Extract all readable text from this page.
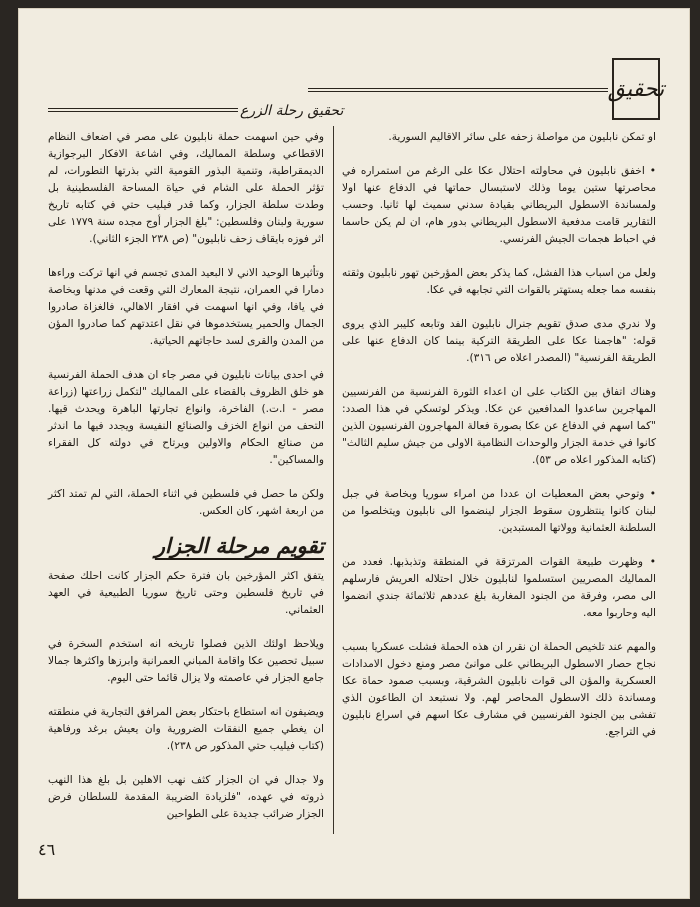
تحقيق
تحقيق رحلة الزرع

او تمكن نابليون من مواصلة زحفه على سائر الاقاليم السورية.

• اخفق نابليون في محاولته احتلال عكا على الرغم من استمراره في محاصرتها ستين يوما وذلك لاستبسال حماتها في الدفاع عنها اولا ولمساندة الاسطول البريطاني بقيادة سدني سميث لها ثانيا. وحسب التقارير قامت مدفعية الاسطول البريطاني بدور هام، ان لم يكن حاسما في احباط هجمات الجيش الفرنسي.

ولعل من اسباب هذا الفشل، كما يذكر بعض المؤرخين تهور نابليون وثقته بنفسه مما جعله يستهتر بالقوات التي تجابهه في عكا.

ولا ندري مدى صدق تقويم جنرال نابليون الفد وتابعه كليبر الذي يروى قوله: "هاجمنا عكا على الطريقة التركية بينما كان الدفاع عنها على الطريقة الفرنسية" (المصدر اعلاه ص ٣١٦).

وهناك اتفاق بين الكتاب على ان اعداء الثورة الفرنسية من الفرنسيين المهاجرين ساعدوا المدافعين عن عكا. ويذكر لوتسكي في هذا الصدد: "كما اسهم في الدفاع عن عكا بصورة فعالة المهاجرون الفرنسيون الذين كانوا في خدمة الجزار والوحدات النظامية الاولى من جيش سليم الثالث" (كتابه المذكور اعلاه ص ٥٣).

• وتوحي بعض المعطيات ان عددا من امراء سوريا وبخاصة في جبل لبنان كانوا ينتظرون سقوط الجزار لينضموا الى نابليون ويتخلصوا من السلطنة العثمانية وولاتها المستبدين.

• وظهرت طبيعة القوات المرتزقة في المنطقة وتذبذبها. فعدد من المماليك المصريين استسلموا لنابليون خلال احتلاله العريش فارسلهم الى مصر، وفرقة من الجنود المغاربة بلغ عددهم ثلاثمائة جندي انضموا اليه وحاربوا معه.

والمهم عند تلخيص الحملة ان نقرر ان هذه الحملة فشلت عسكريا بسبب نجاح حصار الاسطول البريطاني على موانئ مصر ومنع دخول الامدادات العسكرية والمؤن الى قوات نابليون الشرقية، وبسبب صمود حماة عكا ومساندة ذلك الاسطول المحاصر لهم. ولا نستبعد ان الطاعون الذي تفشى بين الجنود الفرنسيين في مشارف عكا اسهم في اسراع نابليون في التراجع.

وفي حين اسهمت حملة نابليون على مصر في اضعاف النظام الاقطاعي وسلطة المماليك، وفي اشاعة الافكار البرجوازية الديمقراطية، وتنمية البذور القومية التي بذرتها التطورات، لم تؤثر الحملة على الشام في حياة المساحة الفلسطينية بل وطدت سلطة الجزار، وكما قدر فيليب حتي في كتابه تاريخ سورية ولبنان وفلسطين: "بلغ الجزار أوج مجده سنة ١٧٧٩ على اثر فوزه بايقاف زحف نابليون" (ص ٢٣٨ الجزء الثاني).

وتأثيرها الوحيد الاني لا البعيد المدى تجسم في انها تركت وراءها دمارا في العمران، نتيجة المعارك التي وقعت في مدنها وبخاصة في يافا، وفي انها اسهمت في افقار الاهالي، فالغزاة صادروا الجمال والحمير يستخدموها في نقل اعتدتهم كما صادروا المؤن من المدن والقرى لسد حاجاتهم الحياتية.

في احدى بيانات نابليون في مصر جاء ان هدف الحملة الفرنسية هو خلق الظروف بالقضاء على المماليك "لتكمل زراعتها (زراعة مصر - ا.ت.) الفاخرة، وانواع تجارتها الباهرة ويحدث قيها. التحف من انواع الخزف والصنائع النفيسة ويجدد فيها ما اندثر من صنائع الحكام والاولين ويرتاح في دولته كل الفقراء والمساكين".

ولكن ما حصل في فلسطين في اثناء الحملة، التي لم تمتد اكثر من اربعة اشهر، كان العكس.

تقويم مرحلة الجزار

يتفق اكثر المؤرخين بان فترة حكم الجزار كانت احلك صفحة في تاريخ فلسطين وحتى تاريخ سوريا الطبيعية في العهد العثماني.

ويلاحظ اولئك الذين فصلوا تاريخه انه استخدم السخرة في سبيل تحصين عكا واقامة المباني العمرانية وابرزها واكثرها جمالا جامع الجزار في عاصمته ولا يزال قائما حتى اليوم.

ويضيفون انه استطاع باحتكار بعض المرافق التجارية في منطقته ان يغطي جميع النفقات الضرورية وان يعيش برغد ورفاهية (كتاب فيليب حتي المذكور ص ٢٣٨).

ولا جدال في ان الجزار كثف نهب الاهلين بل بلغ هذا النهب ذروته في عهده، "فلزيادة الضريبة المقدمة للسلطان فرض الجزار ضرائب جديدة على الطواحين

٤٦
